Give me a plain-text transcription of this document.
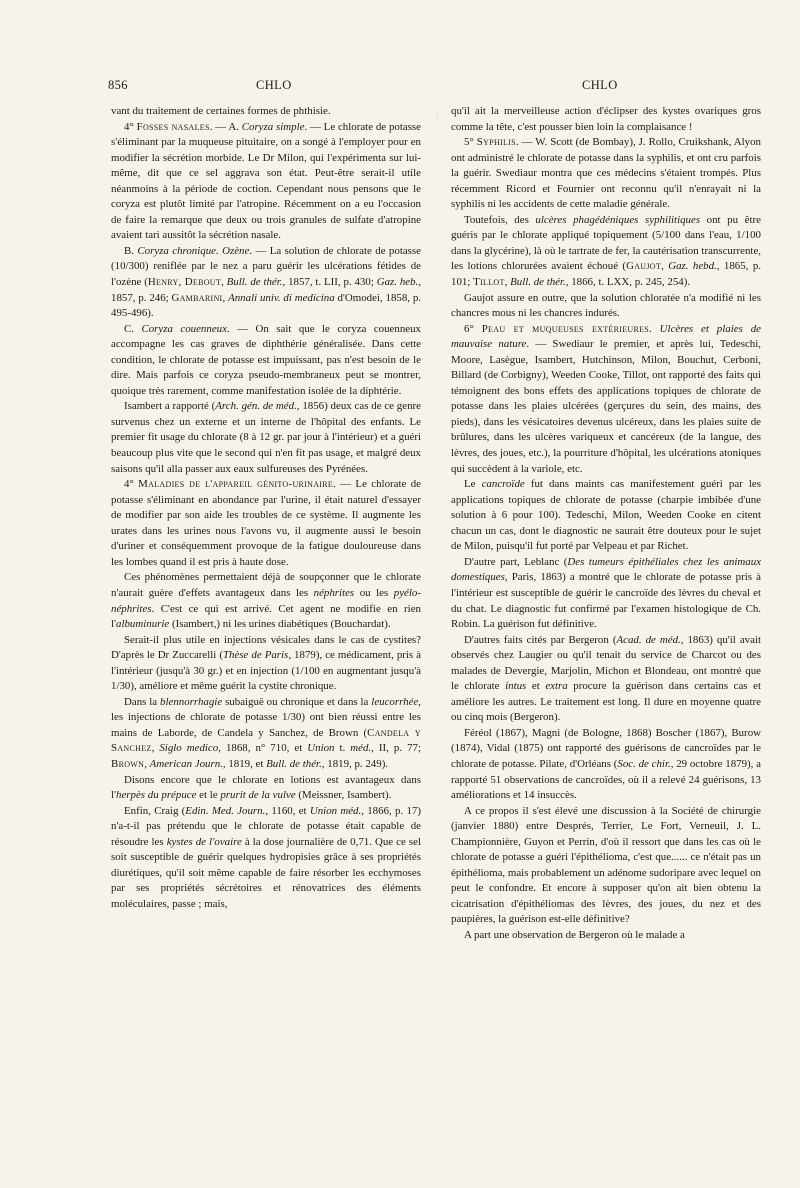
856	CHLO	CHLO

vant du traitement de certaines formes de phthisie.

4° Fosses nasales. — A. Coryza simple. — Le chlorate de potasse s'éliminant par la muqueuse pituitaire, on a songé à l'employer pour en modifier la sécrétion morbide. Le Dr Milon, qui l'expérimenta sur lui-même, dit que ce sel aggrava son état. Peut-être serait-il utile néanmoins à la période de coction. Cependant nous pensons que le coryza est plutôt limité par l'atropine. Récemment on a eu l'occasion de faire la remarque que deux ou trois granules de sulfate d'atropine avaient tari aussitôt la sécrétion nasale.

B. Coryza chronique. Ozène. — La solution de chlorate de potasse (10/300) reniflée par le nez a paru guérir les ulcérations fétides de l'ozène (Henry, Debout, Bull. de thér., 1857, t. LII, p. 430; Gaz. heb., 1857, p. 246; Gambarini, Annali univ. di medicina d'Omodei, 1858, p. 495-496).

C. Coryza couenneux. — On sait que le coryza couenneux accompagne les cas graves de diphthérie généralisée. Dans cette condition, le chlorate de potasse est impuissant, pas n'est besoin de le dire. Mais parfois ce coryza pseudo-membraneux peut se montrer, quoique très rarement, comme manifestation isolée de la diphtérie.

Isambert a rapporté (Arch. gén. de méd., 1856) deux cas de ce genre survenus chez un externe et un interne de l'hôpital des enfants. Le premier fit usage du chlorate (8 à 12 gr. par jour à l'intérieur) et a guéri beaucoup plus vite que le second qui n'en fit pas usage, et malgré deux saisons qu'il alla passer aux eaux sulfureuses des Pyrénées.

4° Maladies de l'appareil génito-urinaire. — Le chlorate de potasse s'éliminant en abondance par l'urine, il était naturel d'essayer de modifier par son aide les troubles de ce système. Il augmente les urates dans les urines nous l'avons vu, il augmente aussi le besoin d'uriner et conséquemment provoque de la fatigue douloureuse dans les lombes quand il est pris à haute dose.

Ces phénomènes permettaient déjà de soupçonner que le chlorate n'aurait guère d'effets avantageux dans les néphrites ou les pyélo-néphrites. C'est ce qui est arrivé. Cet agent ne modifie en rien l'albuminurie (Isambert,) ni les urines diabétiques (Bouchardat).

Serait-il plus utile en injections vésicales dans le cas de cystites? D'après le Dr Zuccarelli (Thèse de Paris, 1879), ce médicament, pris à l'intérieur (jusqu'à 30 gr.) et en injection (1/100 en augmentant jusqu'à 1/30), améliore et même guérit la cystite chronique.

Dans la blennorrhagie subaiguë ou chronique et dans la leucorrhée, les injections de chlorate de potasse 1/30) ont bien réussi entre les mains de Laborde, de Candela y Sanchez, de Brown (Candela y Sanchez, Siglo medico, 1868, n° 710, et Union t. méd., II, p. 77; Brown, American Journ., 1819, et Bull. de thér., 1819, p. 249).

Disons encore que le chlorate en lotions est avantageux dans l'herpès du prépuce et le prurit de la vulve (Meissner, Isambert).

Enfin, Craig (Edin. Med. Journ., 1160, et Union méd., 1866, p. 17) n'a-t-il pas prétendu que le chlorate de potasse était capable de résoudre les kystes de l'ovaire à la dose journalière de 0,71. Que ce sel soit susceptible de guérir quelques hydropisies grâce à ses propriétés diurétiques, qu'il soit même capable de faire résorber les ecchymoses par ses propriétés sécrétoires et rénovatrices des éléments moléculaires, passe ; mais,

qu'il ait la merveilleuse action d'éclipser des kystes ovariques gros comme la tête, c'est pousser bien loin la complaisance !

5° Syphilis. — W. Scott (de Bombay), J. Rollo, Cruikshank, Alyon ont administré le chlorate de potasse dans la syphilis, et ont cru parfois la guérir. Swediaur montra que ces médecins s'étaient trompés. Plus récemment Ricord et Fournier ont reconnu qu'il n'enrayait ni la syphilis ni les accidents de cette maladie générale.

Toutefois, des ulcères phagédéniques syphilitiques ont pu être guéris par le chlorate appliqué topiquement (5/100 dans l'eau, 1/100 dans la glycérine), là où le tartrate de fer, la cautérisation transcurrente, les lotions chlorurées avaient échoué (Gaujot, Gaz. hebd., 1865, p. 101; Tillot, Bull. de thér., 1866, t. LXX, p. 245, 254).

Gaujot assure en outre, que la solution chloratée n'a modifié ni les chancres mous ni les chancres indurés.

6° Peau et muqueuses extérieures. Ulcères et plaies de mauvaise nature. — Swediaur le premier, et après lui, Tedeschi, Moore, Lasègue, Isambert, Hutchinson, Milon, Bouchut, Cerboni, Billard (de Corbigny), Weeden Cooke, Tillot, ont rapporté des faits qui témoignent des bons effets des applications topiques de chlorate de potasse dans les plaies ulcérées (gerçures du sein, des mains, des pieds), dans les vésicatoires devenus ulcéreux, dans les plaies suite de brûlures, dans les ulcères variqueux et cancéreux (de la langue, des lèvres, des joues, etc.), la pourriture d'hôpital, les ulcérations atoniques qui succèdent à la variole, etc.

Le cancroïde fut dans maints cas manifestement guéri par les applications topiques de chlorate de potasse (charpie imbibée d'une solution à 6 pour 100). Tedeschi, Milon, Weeden Cooke en citent chacun un cas, dont le diagnostic ne saurait être douteux pour le sujet de Milon, puisqu'il fut porté par Velpeau et par Richet.

D'autre part, Leblanc (Des tumeurs épithéliales chez les animaux domestiques, Paris, 1863) a montré que le chlorate de potasse pris à l'intérieur est susceptible de guérir le cancroïde des lèvres du cheval et du chat. Le diagnostic fut confirmé par l'examen histologique de Ch. Robin. La guérison fut définitive.

D'autres faits cités par Bergeron (Acad. de méd., 1863) qu'il avait observés chez Laugier ou qu'il tenait du service de Charcot ou des malades de Devergie, Marjolin, Michon et Blondeau, ont montré que le chlorate intus et extra procure la guérison dans certains cas et améliore les autres. Le traitement est long. Il dure en moyenne quatre ou cinq mois (Bergeron).

Féréol (1867), Magni (de Bologne, 1868) Boscher (1867), Burow (1874), Vidal (1875) ont rapporté des guérisons de cancroïdes par le chlorate de potasse. Pilate, d'Orléans (Soc. de chir., 29 octobre 1879), a rapporté 51 observations de cancroïdes, où il a relevé 24 guérisons, 13 améliorations et 14 insuccès.

A ce propos il s'est élevé une discussion à la Société de chirurgie (janvier 1880) entre Després, Terrier, Le Fort, Verneuil, J. L. Championnière, Guyon et Perrin, d'où il ressort que dans les cas où le chlorate de potasse a guéri l'épithélioma, c'est que...... ce n'était pas un épithélioma, mais probablement un adénome sudoripare avec lequel on peut le confondre. Et encore à supposer qu'on ait bien obtenu la cicatrisation d'épithéliomas des lèvres, des joues, du nez et des paupières, la guérison est-elle définitive?

A part une observation de Bergeron où le malade a
